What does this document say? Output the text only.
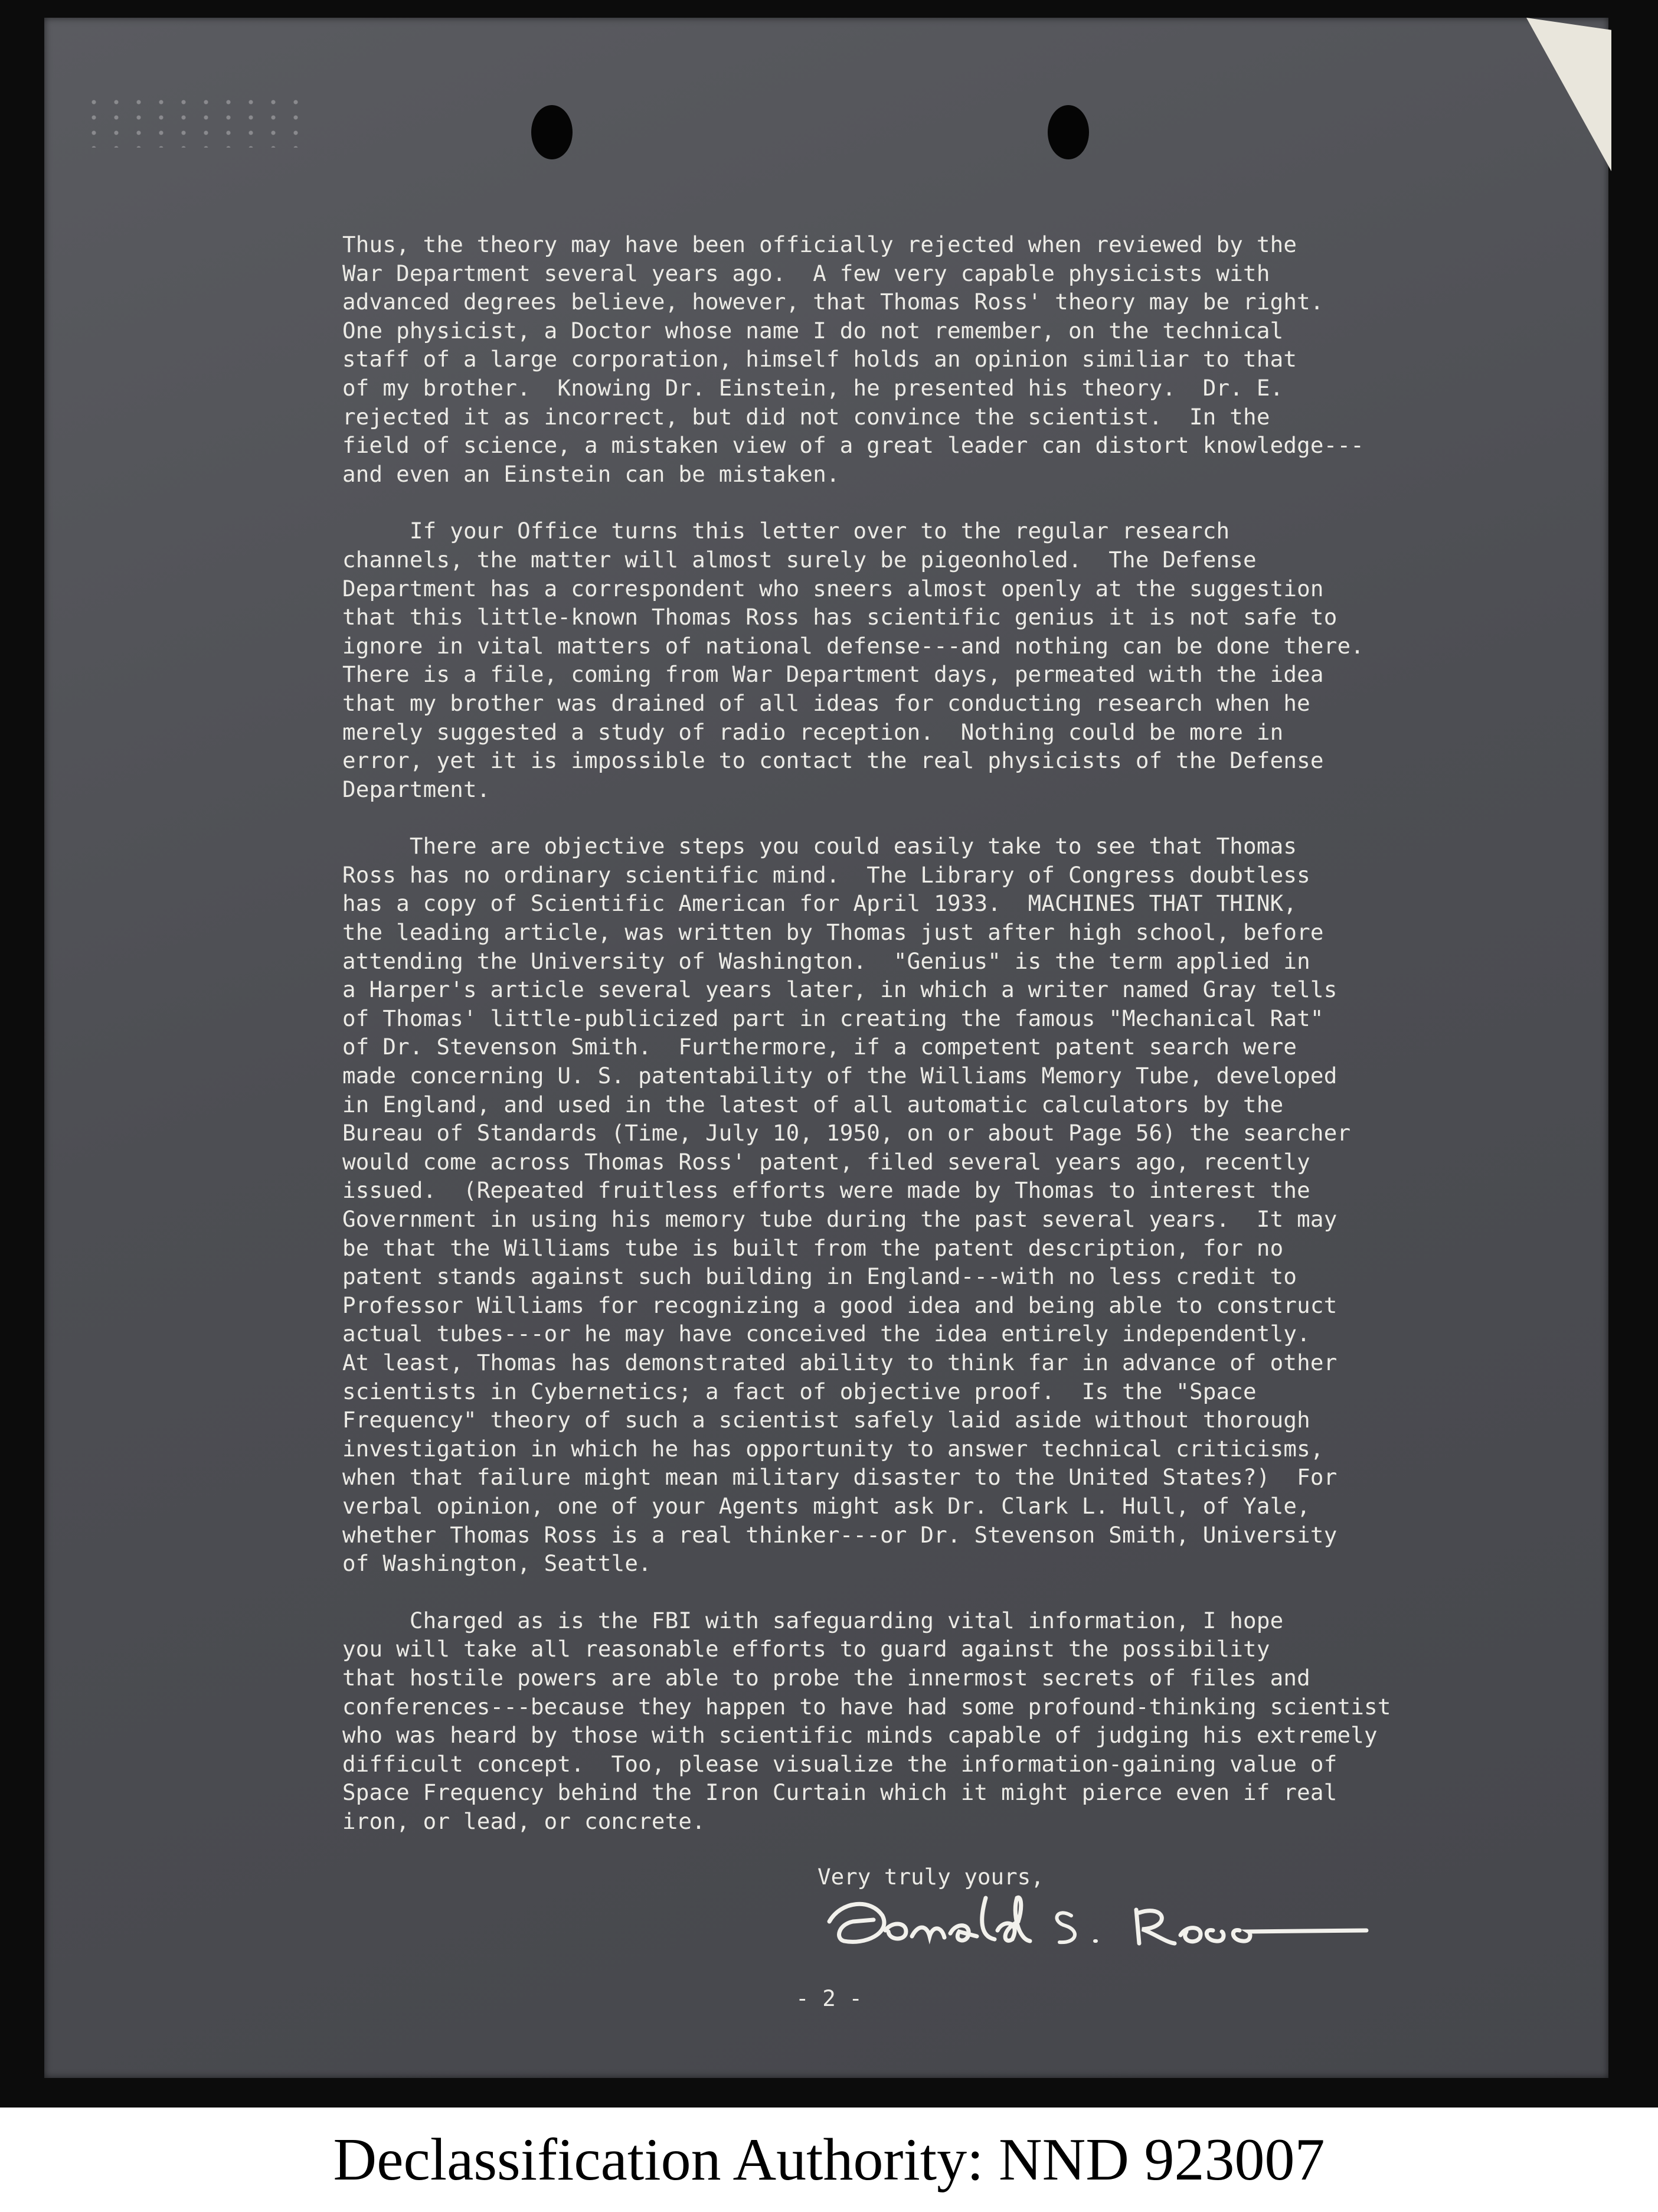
Thus, the theory may have been officially rejected when reviewed by the
War Department several years ago.  A few very capable physicists with
advanced degrees believe, however, that Thomas Ross' theory may be right.
One physicist, a Doctor whose name I do not remember, on the technical
staff of a large corporation, himself holds an opinion similiar to that
of my brother.  Knowing Dr. Einstein, he presented his theory.  Dr. E.
rejected it as incorrect, but did not convince the scientist.  In the
field of science, a mistaken view of a great leader can distort knowledge---
and even an Einstein can be mistaken.
If your Office turns this letter over to the regular research
channels, the matter will almost surely be pigeonholed.  The Defense
Department has a correspondent who sneers almost openly at the suggestion
that this little-known Thomas Ross has scientific genius it is not safe to
ignore in vital matters of national defense---and nothing can be done there.
There is a file, coming from War Department days, permeated with the idea
that my brother was drained of all ideas for conducting research when he
merely suggested a study of radio reception.  Nothing could be more in
error, yet it is impossible to contact the real physicists of the Defense
Department.
There are objective steps you could easily take to see that Thomas
Ross has no ordinary scientific mind.  The Library of Congress doubtless
has a copy of Scientific American for April 1933.  MACHINES THAT THINK,
the leading article, was written by Thomas just after high school, before
attending the University of Washington.  "Genius" is the term applied in
a Harper's article several years later, in which a writer named Gray tells
of Thomas' little-publicized part in creating the famous "Mechanical Rat"
of Dr. Stevenson Smith.  Furthermore, if a competent patent search were
made concerning U. S. patentability of the Williams Memory Tube, developed
in England, and used in the latest of all automatic calculators by the
Bureau of Standards (Time, July 10, 1950, on or about Page 56) the searcher
would come across Thomas Ross' patent, filed several years ago, recently
issued.  (Repeated fruitless efforts were made by Thomas to interest the
Government in using his memory tube during the past several years.  It may
be that the Williams tube is built from the patent description, for no
patent stands against such building in England---with no less credit to
Professor Williams for recognizing a good idea and being able to construct
actual tubes---or he may have conceived the idea entirely independently.
At least, Thomas has demonstrated ability to think far in advance of other
scientists in Cybernetics; a fact of objective proof.  Is the "Space
Frequency" theory of such a scientist safely laid aside without thorough
investigation in which he has opportunity to answer technical criticisms,
when that failure might mean military disaster to the United States?)  For
verbal opinion, one of your Agents might ask Dr. Clark L. Hull, of Yale,
whether Thomas Ross is a real thinker---or Dr. Stevenson Smith, University
of Washington, Seattle.
Charged as is the FBI with safeguarding vital information, I hope
you will take all reasonable efforts to guard against the possibility
that hostile powers are able to probe the innermost secrets of files and
conferences---because they happen to have had some profound-thinking scientist
who was heard by those with scientific minds capable of judging his extremely
difficult concept.  Too, please visualize the information-gaining value of
Space Frequency behind the Iron Curtain which it might pierce even if real
iron, or lead, or concrete.
Very truly yours,
- 2 -
Declassification Authority: NND 923007
